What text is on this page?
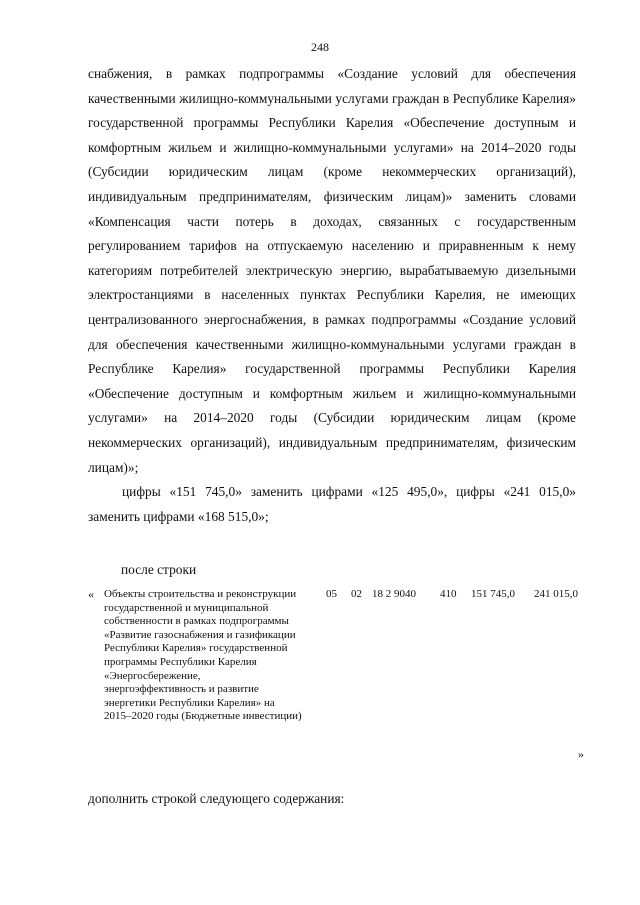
248

снабжения, в рамках подпрограммы «Создание условий для обеспечения качественными жилищно-коммунальными услугами граждан в Республике Карелия» государственной программы Республики Карелия «Обеспечение доступным и комфортным жильем и жилищно-коммунальными услугами» на 2014–2020 годы (Субсидии юридическим лицам (кроме некоммерческих организаций), индивидуальным предпринимателям, физическим лицам)» заменить словами «Компенсация части потерь в доходах, связанных с государственным регулированием тарифов на отпускаемую населению и приравненным к нему категориям потребителей электрическую энергию, вырабатываемую дизельными электростанциями в населенных пунктах Республики Карелия, не имеющих централизованного энергоснабжения, в рамках подпрограммы «Создание условий для обеспечения качественными жилищно-коммунальными услугами граждан в Республике Карелия» государственной программы Республики Карелия «Обеспечение доступным и комфортным жильем и жилищно-коммунальными услугами» на 2014–2020 годы (Субсидии юридическим лицам (кроме некоммерческих организаций), индивидуальным предпринимателям, физическим лицам)»;

цифры «151 745,0» заменить цифрами «125 495,0», цифры «241 015,0» заменить цифрами «168 515,0»;

после строки
« Объекты строительства и реконструкции государственной и муниципальной собственности в рамках подпрограммы «Развитие газоснабжения и газификации Республики Карелия» государственной программы Республики Карелия «Энергосбережение, энергоэффективность и развитие энергетики Республики Карелия» на 2015–2020 годы (Бюджетные инвестиции)
05 02 18 2 9040 410 151 745,0 241 015,0
»
дополнить строкой следующего содержания:
